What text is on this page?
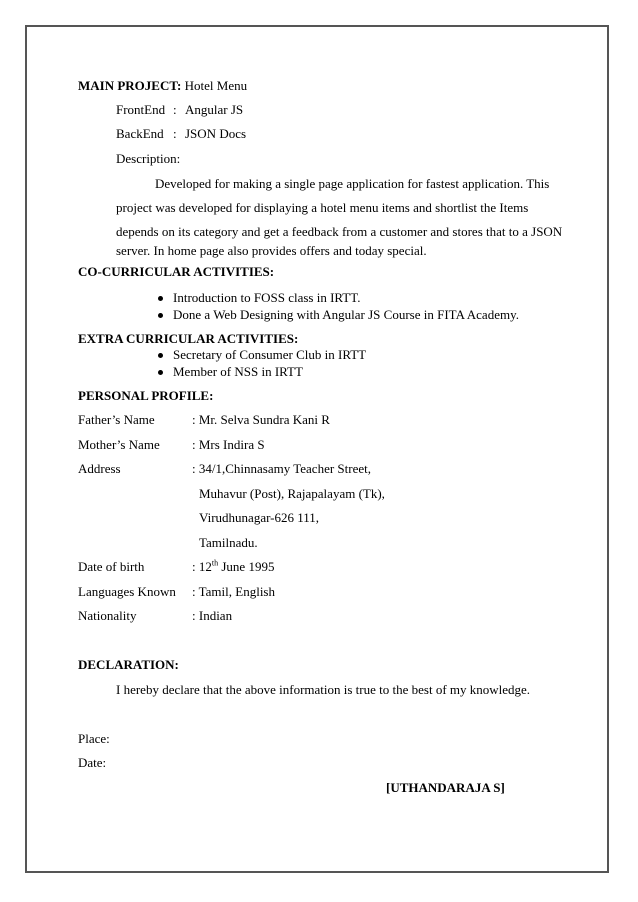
MAIN PROJECT: Hotel Menu
FrontEnd : Angular JS
BackEnd : JSON Docs
Description:
Developed for making a single page application for fastest application. This
project was developed for displaying a hotel menu items and shortlist the Items
depends on its category and get a feedback from a customer and stores that to a JSON
server. In home page also provides offers and today special.
CO-CURRICULAR ACTIVITIES:
Introduction to FOSS class in IRTT.
Done a Web Designing with Angular JS Course in FITA Academy.
EXTRA CURRICULAR ACTIVITIES:
Secretary of Consumer Club in IRTT
Member of NSS in IRTT
PERSONAL PROFILE:
Father’s Name	: Mr. Selva Sundra Kani R
Mother’s Name : Mrs Indira S
Address	: 34/1,Chinnasamy Teacher Street,
Muhavur (Post), Rajapalayam (Tk),
Virudhunagar-626 111,
Tamilnadu.
Date of birth	: 12th June 1995
Languages Known : Tamil, English
Nationality	: Indian
DECLARATION:
I hereby declare that the above information is true to the best of my knowledge.
Place:
Date:
[UTHANDARAJA S]
